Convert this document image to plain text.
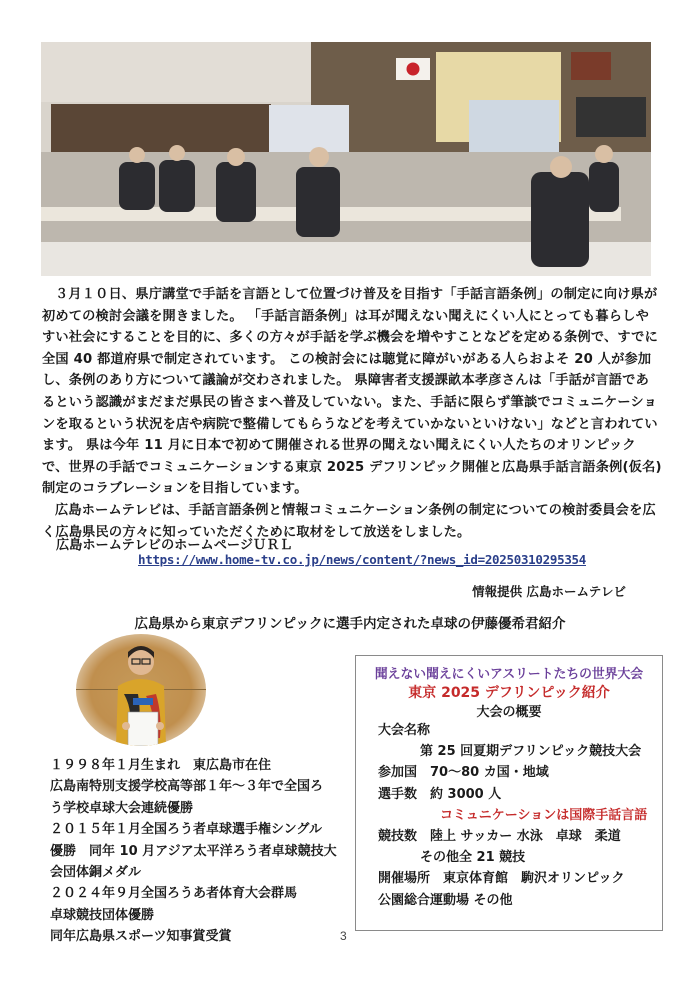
３月１０日、県庁講堂で手話を言語として位置づけ普及を目指す「手話言語条例」の制定に向け県が初めての検討会議を開きました。 「手話言語条例」は耳が聞えない聞えにくい人にとっても暮らしやすい社会にすることを目的に、多くの方々が手話を学ぶ機会を増やすことなどを定める条例で、すでに全国 40 都道府県で制定されています。 この検討会には聴覚に障がいがある人らおよそ 20 人が参加し、条例のあり方について議論が交わされました。 県障害者支援課畝本孝彦さんは「手話が言語であるという認識がまだまだ県民の皆さまへ普及していない。また、手話に限らず筆談でコミュニケーションを取るという状況を店や病院で整備してもらうなどを考えていかないといけない」などと言われています。 県は今年 11 月に日本で初めて開催される世界の聞えない聞えにくい人たちのオリンピックで、世界の手話でコミュニケーションする東京 2025 デフリンピック開催と広島県手話言語条例(仮名)制定のコラブレーションを目指しています。

広島ホームテレビは、手話言語条例と情報コミュニケーション条例の制定についての検討委員会を広く広島県民の方々に知っていただくために取材をして放送をしました。

広島ホームテレビのホームページＵＲＬ
https://www.home-tv.co.jp/news/content/?news_id=20250310295354
情報提供 広島ホームテレビ
広島県から東京デフリンピックに選手内定された卓球の伊藤優希君紹介
１９９８年１月生まれ　東広島市在住
広島南特別支援学校高等部１年～３年で全国ろ
う学校卓球大会連続優勝
２０１５年１月全国ろう者卓球選手権シングル
優勝　同年 10 月アジア太平洋ろう者卓球競技大
会団体銅メダル
２０２４年９月全国ろうあ者体育大会群馬
卓球競技団体優勝
同年広島県スポーツ知事賞受賞	3
聞えない聞えにくいアスリートたちの世界大会
東京 2025 デフリンピック紹介
大会の概要
大会名称
第 25 回夏期デフリンピック競技大会
参加国　70～80 カ国・地域
選手数　約 3000 人
コミュニケーションは国際手話言語
競技数　陸上 サッカー 水泳　卓球　柔道
その他全 21 競技
開催場所　東京体育館　駒沢オリンピック
公園総合運動場 その他
